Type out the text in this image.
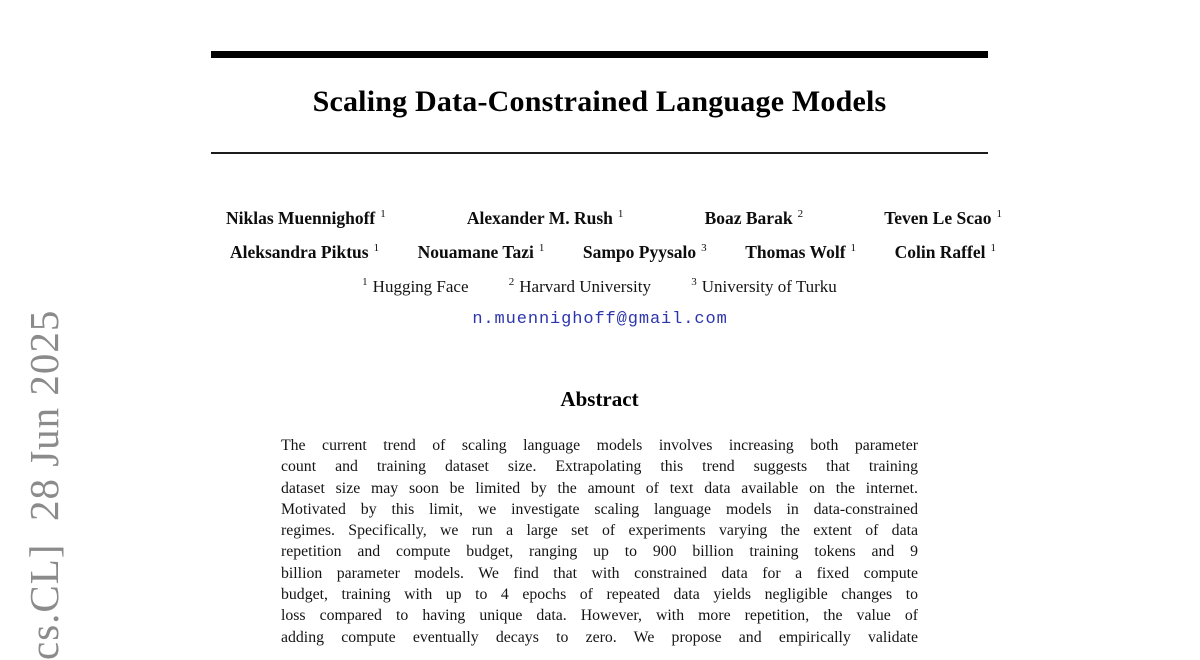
cs.CL]  28 Jun 2025
Scaling Data-Constrained Language Models
Niklas Muennighoff $^1$	Alexander M. Rush $^1$	Boaz Barak $^2$	Teven Le Scao $^1$
Aleksandra Piktus $^1$ Nouamane Tazi $^1$ Sampo Pyysalo $^3$ Thomas Wolf $^1$ Colin Raffel $^1$
$^1$ Hugging Face	$^2$ Harvard University	$^3$ University of Turku
n.muennighoff@gmail.com
Abstract
The current trend of scaling language models involves increasing both parameter
count and training dataset size. Extrapolating this trend suggests that training
dataset size may soon be limited by the amount of text data available on the internet.
Motivated by this limit, we investigate scaling language models in data-constrained
regimes. Specifically, we run a large set of experiments varying the extent of data
repetition and compute budget, ranging up to 900 billion training tokens and 9
billion parameter models. We find that with constrained data for a fixed compute
budget, training with up to 4 epochs of repeated data yields negligible changes to
loss compared to having unique data. However, with more repetition, the value of
adding compute eventually decays to zero. We propose and empirically validate
